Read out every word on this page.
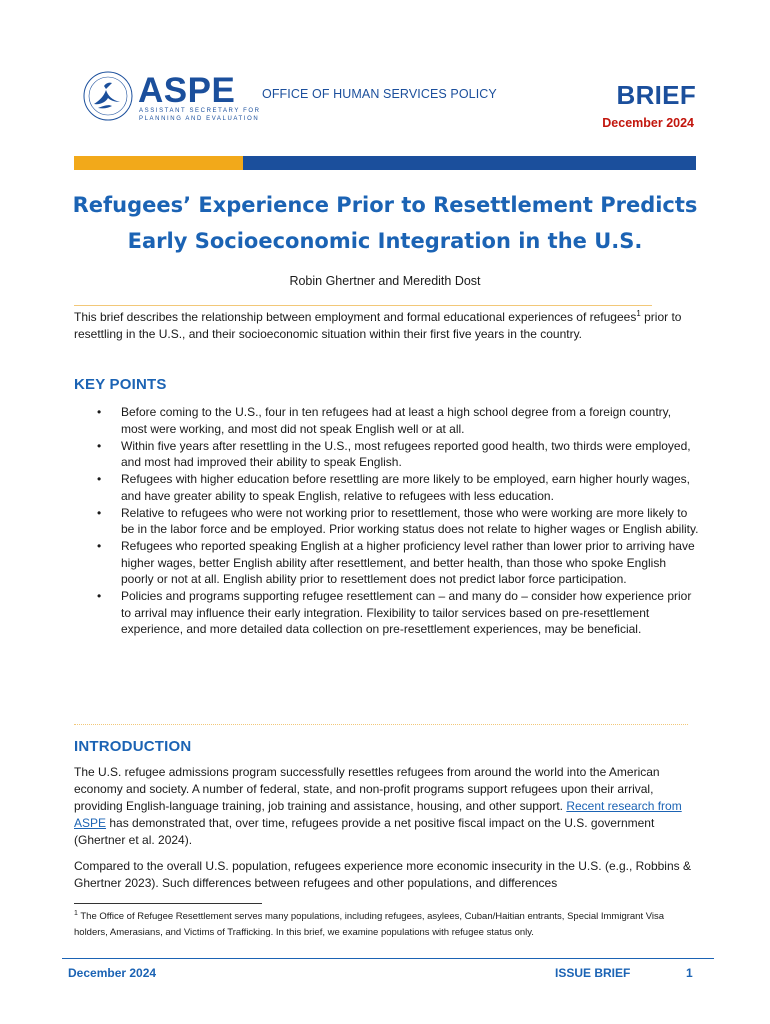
ASPE
ASSISTANT SECRETARY FOR
PLANNING AND EVALUATION
OFFICE OF HUMAN SERVICES POLICY	BRIEF
December 2024
Refugees’ Experience Prior to Resettlement Predicts
Early Socioeconomic Integration in the U.S.
Robin Ghertner and Meredith Dost
This brief describes the relationship between employment and formal educational experiences of refugees$^1$ prior to resettling in the U.S., and their socioeconomic situation within their first five years in the country.
KEY POINTS
• Before coming to the U.S., four in ten refugees had at least a high school degree from a foreign country, most were working, and most did not speak English well or at all.
• Within five years after resettling in the U.S., most refugees reported good health, two thirds were employed, and most had improved their ability to speak English.
• Refugees with higher education before resettling are more likely to be employed, earn higher hourly wages, and have greater ability to speak English, relative to refugees with less education.
• Relative to refugees who were not working prior to resettlement, those who were working are more likely to be in the labor force and be employed. Prior working status does not relate to higher wages or English ability.
• Refugees who reported speaking English at a higher proficiency level rather than lower prior to arriving have higher wages, better English ability after resettlement, and better health, than those who spoke English poorly or not at all. English ability prior to resettlement does not predict labor force participation.
• Policies and programs supporting refugee resettlement can – and many do – consider how experience prior to arrival may influence their early integration. Flexibility to tailor services based on pre-resettlement experience, and more detailed data collection on pre-resettlement experiences, may be beneficial.
INTRODUCTION
The U.S. refugee admissions program successfully resettles refugees from around the world into the American economy and society. A number of federal, state, and non-profit programs support refugees upon their arrival, providing English-language training, job training and assistance, housing, and other support. Recent research from ASPE has demonstrated that, over time, refugees provide a net positive fiscal impact on the U.S. government (Ghertner et al. 2024).
Compared to the overall U.S. population, refugees experience more economic insecurity in the U.S. (e.g., Robbins & Ghertner 2023). Such differences between refugees and other populations, and differences
$^1$ The Office of Refugee Resettlement serves many populations, including refugees, asylees, Cuban/Haitian entrants, Special Immigrant Visa holders, Amerasians, and Victims of Trafficking. In this brief, we examine populations with refugee status only.
December 2024	ISSUE BRIEF	1
